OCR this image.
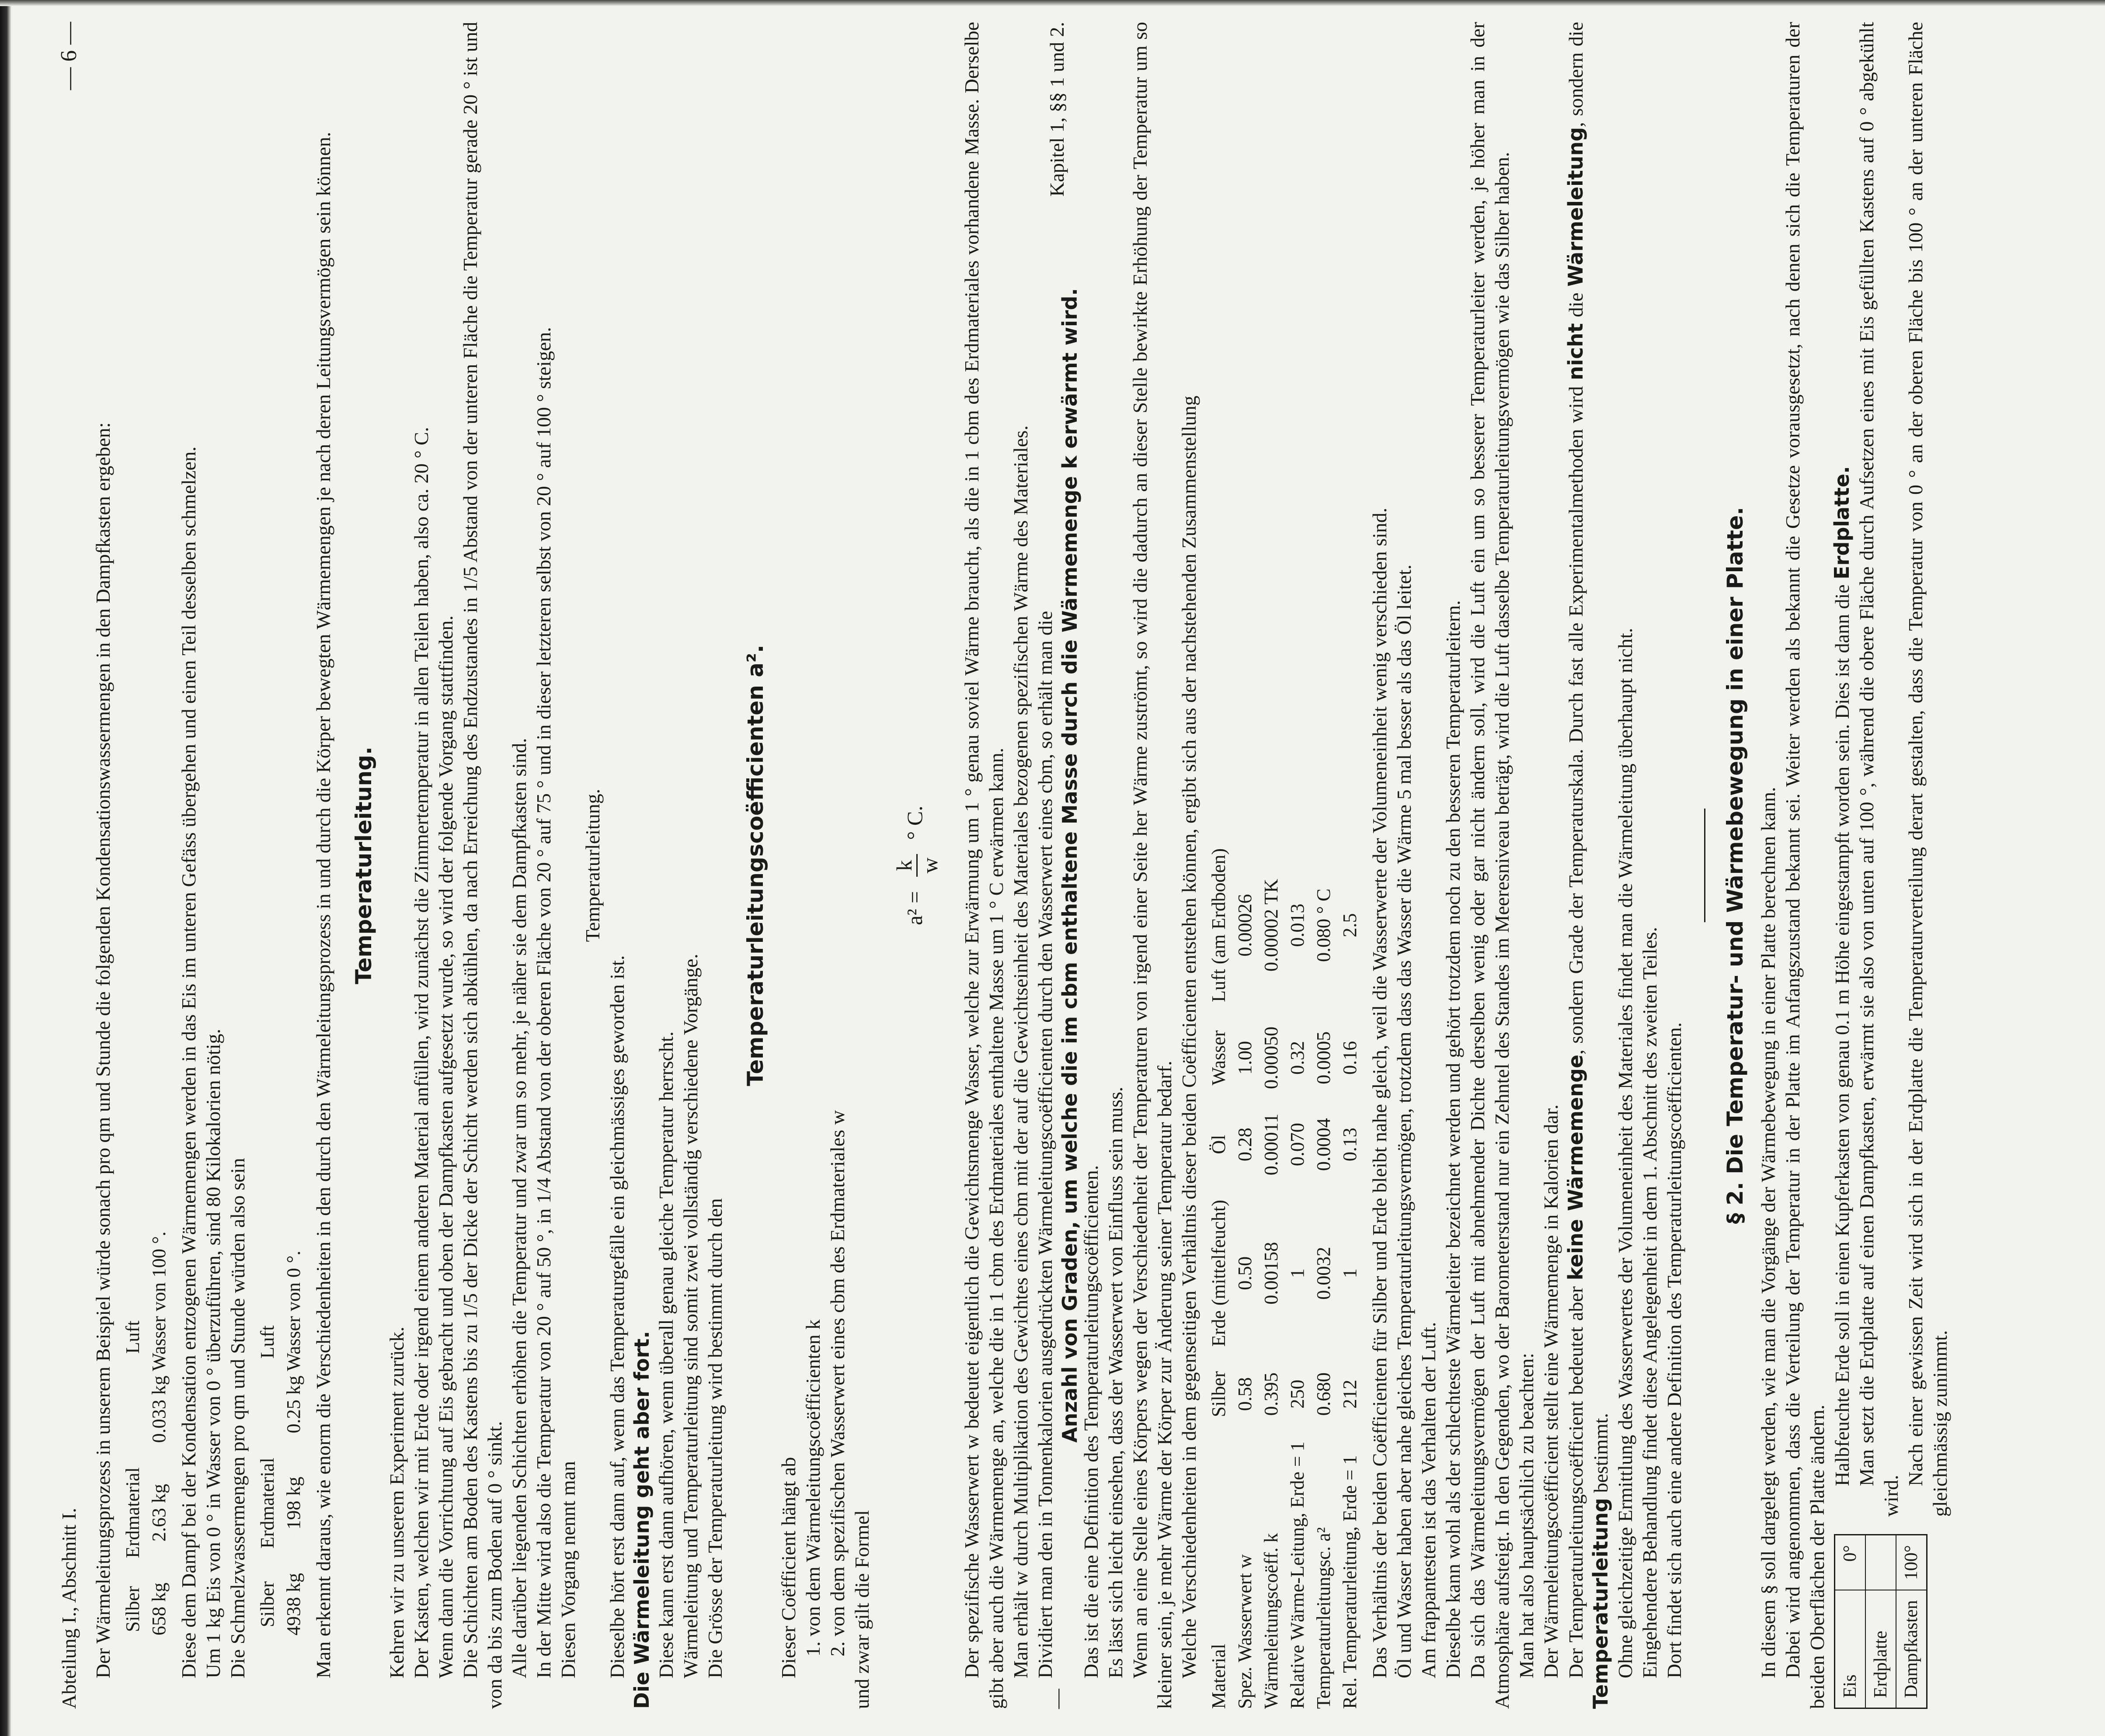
Abteilung I., Abschnitt I.
— 6 —

Der Wärmeleitungsprozess in unserem Beispiel würde sonach pro qm und Stunde die folgenden Kondensationswassermengen in den Dampfkasten ergeben: Silber	Erdmaterial	Luft
658 kg	2.63 kg	0.033 kg Wasser von 100 °. Diese dem Dampf bei der Kondensation entzogenen Wärmemengen werden in das Eis im unteren Gefäss übergehen und einen Teil desselben schmelzen. Um 1 kg Eis von 0 ° in Wasser von 0 ° überzuführen, sind 80 Kilokalorien nötig. Die Schmelzwassermengen pro qm und Stunde würden also sein Silber	Erdmaterial	Luft
4938 kg	198 kg	0.25 kg Wasser von 0 °. Man erkennt daraus, wie enorm die Verschiedenheiten in den durch den Wärmeleitungsprozess in und durch die Körper bewegten Wärmemengen je nach deren Leitungsvermögen sein können. Temperaturleitung.

Kehren wir zu unserem Experiment zurück. Der Kasten, welchen wir mit Erde oder irgend einem anderen Material anfüllen, wird zunächst die Zimmertemperatur in allen Teilen haben, also ca. 20 ° C. Wenn dann die Vorrichtung auf Eis gebracht und oben der Dampfkasten aufgesetzt wurde, so wird der folgende Vorgang stattfinden. Die Schichten am Boden des Kastens bis zu 1/5 der Dicke der Schicht werden sich abkühlen, da nach Erreichung des Endzustandes in 1/5 Abstand von der unteren Fläche die Temperatur gerade 20 ° ist und von da bis zum Boden auf 0 ° sinkt. Alle darüber liegenden Schichten erhöhen die Temperatur und zwar um so mehr, je näher sie dem Dampfkasten sind. In der Mitte wird also die Temperatur von 20 ° auf 50 °, in 1/4 Abstand von der oberen Fläche von 20 ° auf 75 ° und in dieser letzteren selbst von 20 ° auf 100 ° steigen. Diesen Vorgang nennt man

Temperaturleitung.

Dieselbe hört erst dann auf, wenn das Temperaturgefälle ein gleichmässiges geworden ist. Die Wärmeleitung geht aber fort. Diese kann erst dann aufhören, wenn überall genau gleiche Temperatur herrscht. Wärmeleitung und Temperaturleitung sind somit zwei vollständig verschiedene Vorgänge. Die Grösse der Temperaturleitung wird bestimmt durch den

Temperaturleitungscoëfficienten a².

Dieser Coëfficient hängt ab 1. von dem Wärmeleitungscoëfficienten k 2. von dem spezifischen Wasserwert eines cbm des Erdmateriales w und zwar gilt die Formel

a² =
k w
° C.	Der spezifische Wasserwert w bedeutet eigentlich die Gewichtsmenge Wasser, welche zur Erwärmung um 1 ° genau soviel Wärme braucht, als die in 1 cbm des Erdmateriales vorhandene Masse. Derselbe gibt aber auch die Wärmemenge an, welche die in 1 cbm des Erdmateriales enthaltene Masse um 1 ° C erwärmen kann. Man erhält w durch Multiplikation des Gewichtes eines cbm mit der auf die Gewichtseinheit des Materiales bezogenen spezifischen Wärme des Materiales. Dividiert man den in Tonnenkalorien ausgedrückten Wärmeleitungscoëfficienten durch den Wasserwert eines cbm, so erhält man die Anzahl von Graden, um welche die im cbm enthaltene Masse durch die Wärmemenge k erwärmt wird.

—
Kapitel 1, §§ 1 und 2.

Das ist die eine Definition des Temperaturleitungscoëfficienten. Es lässt sich leicht einsehen, dass der Wasserwert von Einfluss sein muss. Wenn an eine Stelle eines Körpers wegen der Verschiedenheit der Temperaturen von irgend einer Seite her Wärme zuströmt, so wird die dadurch an dieser Stelle bewirkte Erhöhung der Temperatur um so kleiner sein, je mehr Wärme der Körper zur Änderung seiner Temperatur bedarf. Welche Verschiedenheiten in dem gegenseitigen Verhältnis dieser beiden Coëfficienten entstehen können, ergibt sich aus der nachstehenden Zusammenstellung Material	Silber	Erde (mittelfeucht)	Öl	Wasser	Luft (am Erdboden)
Spez. Wasserwert w	0.58	0.50	0.28	1.00	0.00026
Wärmeleitungscoëff. k	0.395	0.00158	0.00011	0.00050	0.00002 TK
Relative Wärme-Leitung, Erde = 1	250	1	0.070	0.32	0.013
Temperaturleitungsc. a²	0.680	0.0032	0.0004	0.0005	0.080 ° C
Rel. Temperaturleitung, Erde = 1	212	1	0.13	0.16	2.5 Das Verhältnis der beiden Coëfficienten für Silber und Erde bleibt nahe gleich, weil die Wasserwerte der Volumeneinheit wenig verschieden sind. Öl und Wasser haben aber nahe gleiches Temperaturleitungsvermögen, trotzdem dass das Wasser die Wärme 5 mal besser als das Öl leitet. Am frappantesten ist das Verhalten der Luft. Dieselbe kann wohl als der schlechteste Wärmeleiter bezeichnet werden und gehört trotzdem noch zu den besseren Temperaturleitern. Da sich das Wärmeleitungsvermögen der Luft mit abnehmender Dichte derselben wenig oder gar nicht ändern soll, wird die Luft ein um so besserer Temperaturleiter werden, je höher man in der Atmosphäre aufsteigt. In den Gegenden, wo der Barometerstand nur ein Zehntel des Standes im Meeresniveau beträgt, wird die Luft dasselbe Temperaturleitungsvermögen wie das Silber haben. Man hat also hauptsächlich zu beachten: Der Wärmeleitungscoëfficient stellt eine Wärmemenge in Kalorien dar. Der Temperaturleitungscoëfficient bedeutet aber keine Wärmemenge, sondern Grade der Temperaturskala. Durch fast alle Experimentalmethoden wird nicht die Wärmeleitung, sondern die Temperaturleitung bestimmt. Ohne gleichzeitige Ermittlung des Wasserwertes der Volumeneinheit des Materiales findet man die Wärmeleitung überhaupt nicht. Eingehendere Behandlung findet diese Angelegenheit in dem 1. Abschnitt des zweiten Teiles. Dort findet sich auch eine andere Definition des Temperaturleitungscoëfficienten.

§ 2. Die Temperatur- und Wärmebewegung in einer Platte. In diesem § soll dargelegt werden, wie man die Vorgänge der Wärmebewegung in einer Platte berechnen kann. Dabei wird angenommen, dass die Verteilung der Temperatur in der Platte im Anfangszustand bekannt sei. Weiter werden als bekannt die Gesetze vorausgesetzt, nach denen sich die Temperaturen der beiden Oberflächen der Platte ändern. Eis	0°
Erdplatte	
Dampfkasten	100°

Halbfeuchte Erde soll in einen Kupferkasten von genau 0.1 m Höhe eingestampft worden sein. Dies ist dann die Erdplatte. Man setzt die Erdplatte auf einen Dampfkasten, erwärmt sie also von unten auf 100 °, während die obere Fläche durch Aufsetzen eines mit Eis gefüllten Kastens auf 0 ° abgekühlt wird.

Nach einer gewissen Zeit wird sich in der Erdplatte die Temperaturverteilung derart gestalten, dass die Temperatur von 0 ° an der oberen Fläche bis 100 ° an der unteren Fläche gleichmässig zunimmt.
